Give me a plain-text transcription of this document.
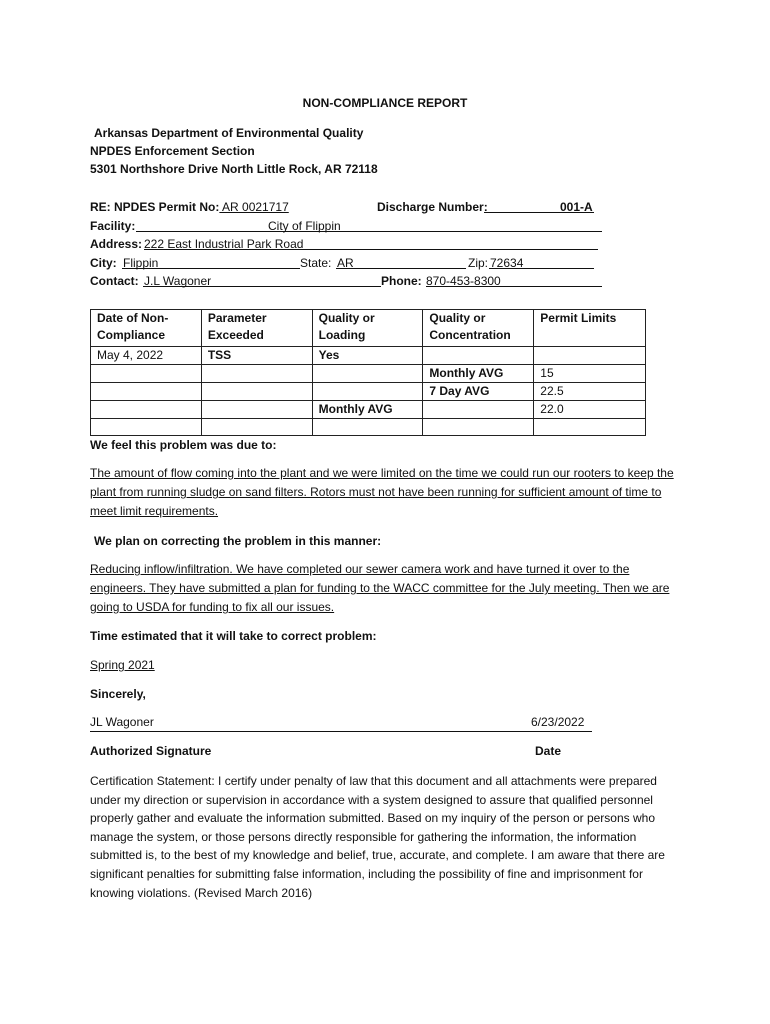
NON-COMPLIANCE REPORT
Arkansas Department of Environmental Quality
NPDES Enforcement Section
5301 Northshore Drive North Little Rock, AR 72118
RE: NPDES Permit No: AR 0021717	Discharge Number:	001-A
Facility:	City of Flippin
Address: 222 East Industrial Park Road
City: Flippin	State: AR	Zip: 72634
Contact: J.L Wagoner	Phone: 870-453-8300
Date of Non-Compliance	Parameter Exceeded	Quality or Loading	Quality or Concentration	Permit Limits
May 4, 2022	TSS	Yes		
			Monthly AVG	15
			7 Day AVG	22.5
		Monthly AVG		22.0

We feel this problem was due to:
The amount of flow coming into the plant and we were limited on the time we could run our rooters to keep the plant from running sludge on sand filters. Rotors must not have been running for sufficient amount of time to meet limit requirements.
We plan on correcting the problem in this manner:
Reducing inflow/infiltration. We have completed our sewer camera work and have turned it over to the engineers. They have submitted a plan for funding to the WACC committee for the July meeting. Then we are going to USDA for funding to fix all our issues.
Time estimated that it will take to correct problem:
Spring 2021
Sincerely,
JL Wagoner	6/23/2022
Authorized Signature	Date
Certification Statement: I certify under penalty of law that this document and all attachments were prepared under my direction or supervision in accordance with a system designed to assure that qualified personnel properly gather and evaluate the information submitted. Based on my inquiry of the person or persons who manage the system, or those persons directly responsible for gathering the information, the information submitted is, to the best of my knowledge and belief, true, accurate, and complete. I am aware that there are significant penalties for submitting false information, including the possibility of fine and imprisonment for knowing violations. (Revised March 2016)
